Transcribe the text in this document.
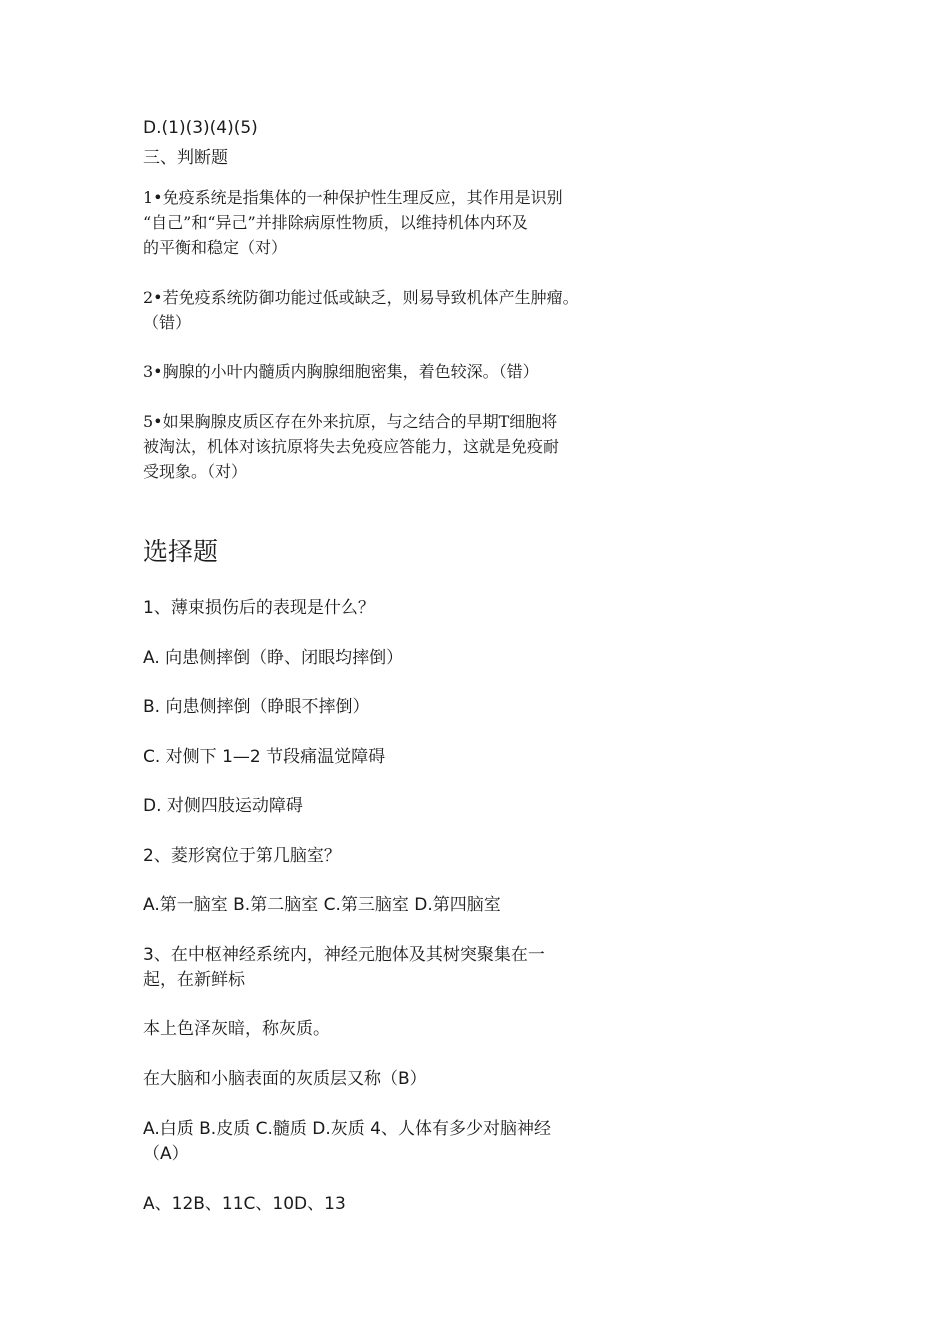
D.(1)(3)(4)(5)
三、判断题
1•免疫系统是指集体的一种保护性生理反应，其作用是识别
“自己”和“异己”并排除病原性物质，以维持机体内环及
的平衡和稳定（对）
2•若免疫系统防御功能过低或缺乏，则易导致机体产生肿瘤。
（错）
3•胸腺的小叶内髓质内胸腺细胞密集，着色较深。（错）
5•如果胸腺皮质区存在外来抗原，与之结合的早期T细胞将
被淘汰，机体对该抗原将失去免疫应答能力，这就是免疫耐
受现象。（对）
选择题
1、薄束损伤后的表现是什么？
A. 向患侧摔倒（睁、闭眼均摔倒）
B. 向患侧摔倒（睁眼不摔倒）
C. 对侧下 1—2 节段痛温觉障碍
D. 对侧四肢运动障碍
2、菱形窝位于第几脑室？
A.第一脑室 B.第二脑室 C.第三脑室 D.第四脑室
3、在中枢神经系统内，神经元胞体及其树突聚集在一
起，在新鲜标
本上色泽灰暗，称灰质。
在大脑和小脑表面的灰质层又称（B）
A.白质 B.皮质 C.髓质 D.灰质 4、人体有多少对脑神经
（A）
A、12B、11C、10D、13
